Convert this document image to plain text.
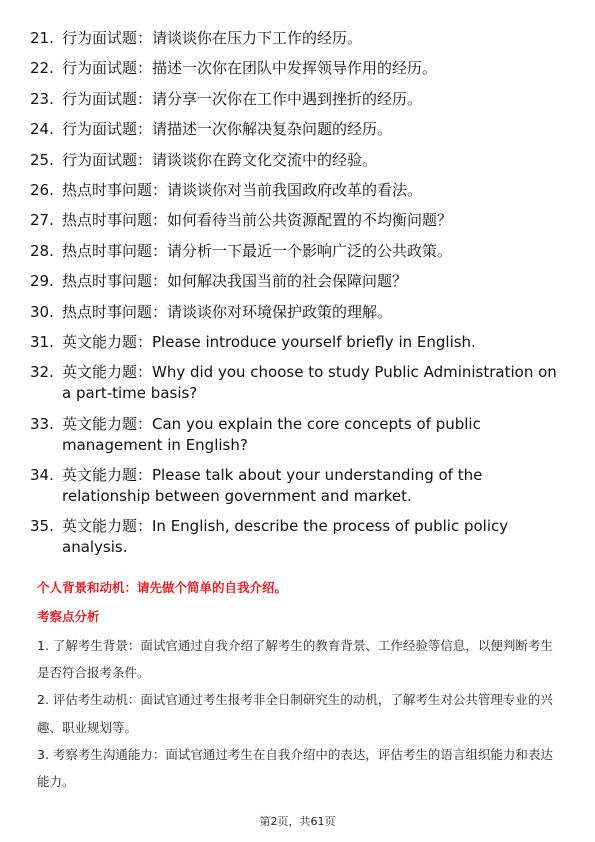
21. 行为面试题：请谈谈你在压力下工作的经历。
22. 行为面试题：描述一次你在团队中发挥领导作用的经历。
23. 行为面试题：请分享一次你在工作中遇到挫折的经历。
24. 行为面试题：请描述一次你解决复杂问题的经历。
25. 行为面试题：请谈谈你在跨文化交流中的经验。
26. 热点时事问题：请谈谈你对当前我国政府改革的看法。
27. 热点时事问题：如何看待当前公共资源配置的不均衡问题？
28. 热点时事问题：请分析一下最近一个影响广泛的公共政策。
29. 热点时事问题：如何解决我国当前的社会保障问题？
30. 热点时事问题：请谈谈你对环境保护政策的理解。
31. 英文能力题：Please introduce yourself briefly in English.
32. 英文能力题：Why did you choose to study Public Administration on a part-time basis?
33. 英文能力题：Can you explain the core concepts of public management in English?
34. 英文能力题：Please talk about your understanding of the relationship between government and market.
35. 英文能力题：In English, describe the process of public policy analysis.
个人背景和动机：请先做个简单的自我介绍。
考察点分析

1. 了解考生背景：面试官通过自我介绍了解考生的教育背景、工作经验等信息，以便判断考生是否符合报考条件。

2. 评估考生动机：面试官通过考生报考非全日制研究生的动机，了解考生对公共管理专业的兴趣、职业规划等。

3. 考察考生沟通能力：面试官通过考生在自我介绍中的表达，评估考生的语言组织能力和表达能力。

第2页，共61页
